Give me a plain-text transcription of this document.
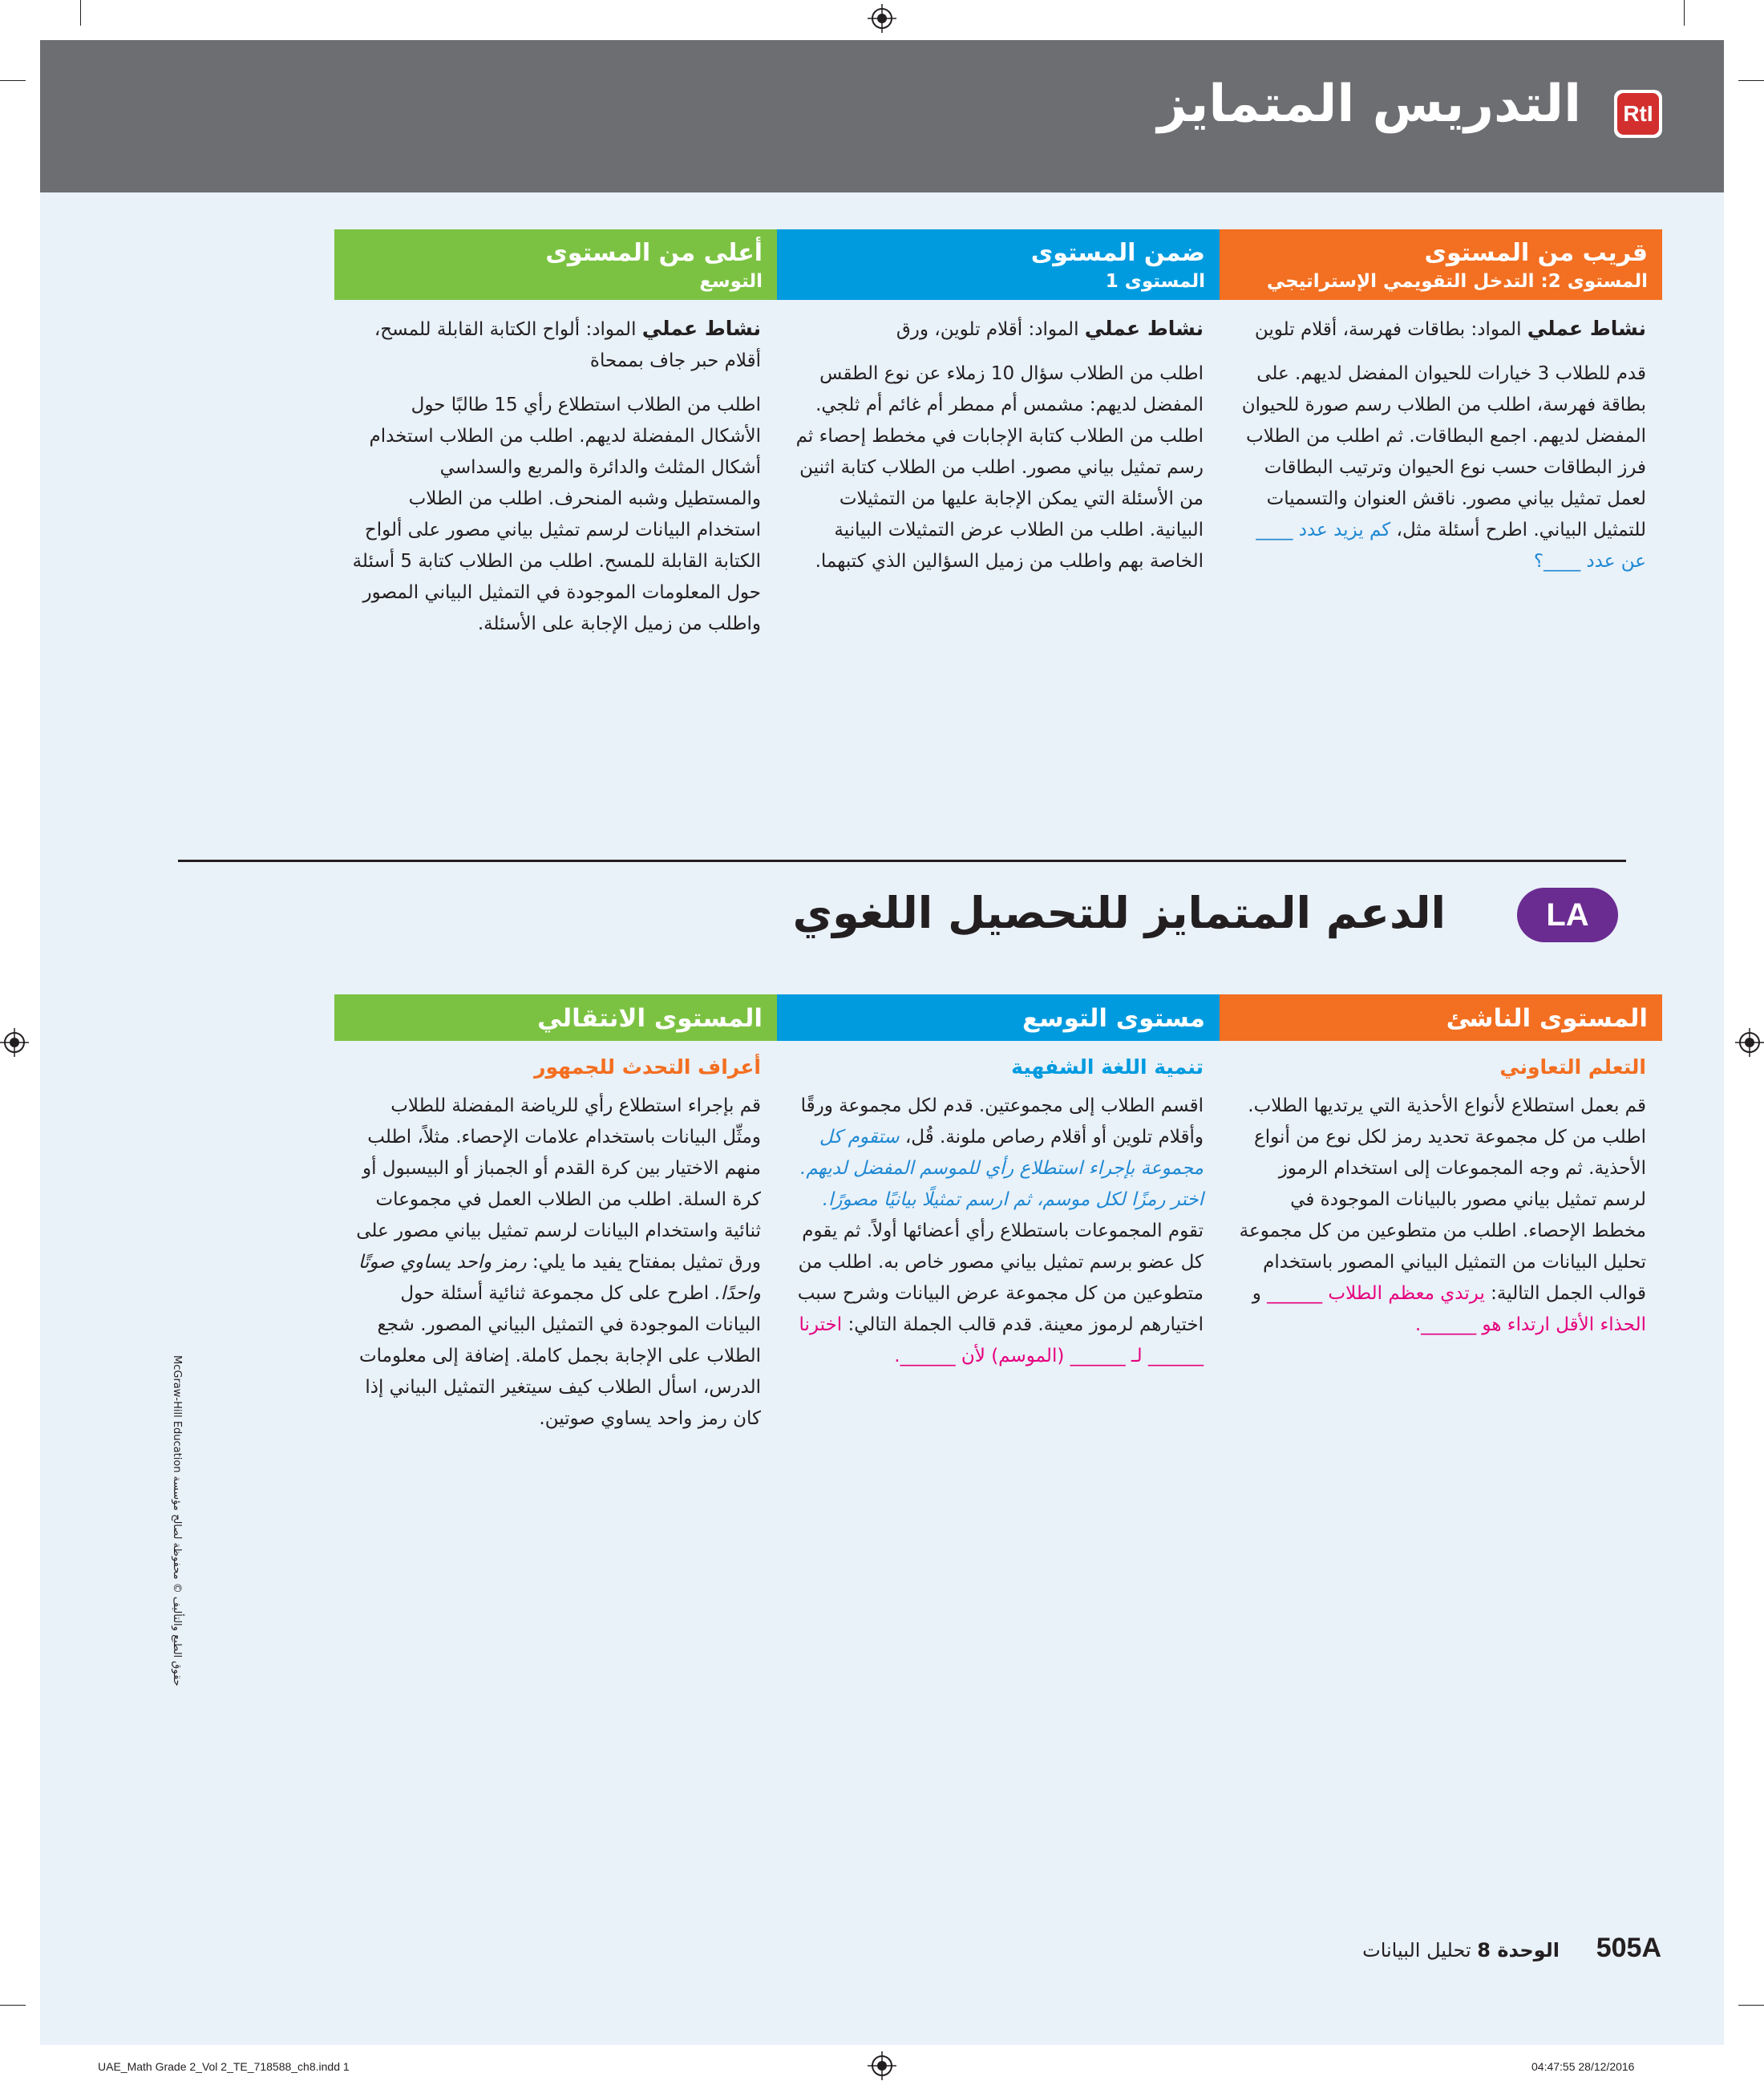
RtI
التدريس المتمايز
قريب من المستوى
المستوى 2: التدخل التقويمي الإستراتيجي

نشاط عملي المواد: بطاقات فهرسة، أقلام تلوين

قدم للطلاب 3 خيارات للحيوان المفضل لديهم. على بطاقة فهرسة، اطلب من الطلاب رسم صورة للحيوان المفضل لديهم. اجمع البطاقات. ثم اطلب من الطلاب فرز البطاقات حسب نوع الحيوان وترتيب البطاقات لعمل تمثيل بياني مصور. ناقش العنوان والتسميات للتمثيل البياني. اطرح أسئلة مثل، كم يزيد عدد ____ عن عدد ____؟

ضمن المستوى
المستوى 1

نشاط عملي المواد: أقلام تلوين، ورق

اطلب من الطلاب سؤال 10 زملاء عن نوع الطقس المفضل لديهم: مشمس أم ممطر أم غائم أم ثلجي. اطلب من الطلاب كتابة الإجابات في مخطط إحصاء ثم رسم تمثيل بياني مصور. اطلب من الطلاب كتابة اثنين من الأسئلة التي يمكن الإجابة عليها من التمثيلات البيانية. اطلب من الطلاب عرض التمثيلات البيانية الخاصة بهم واطلب من زميل السؤالين الذي كتبهما.

أعلى من المستوى
التوسع

نشاط عملي المواد: ألواح الكتابة القابلة للمسح، أقلام حبر جاف بممحاة

اطلب من الطلاب استطلاع رأي 15 طالبًا حول الأشكال المفضلة لديهم. اطلب من الطلاب استخدام أشكال المثلث والدائرة والمربع والسداسي والمستطيل وشبه المنحرف. اطلب من الطلاب استخدام البيانات لرسم تمثيل بياني مصور على ألواح الكتابة القابلة للمسح. اطلب من الطلاب كتابة 5 أسئلة حول المعلومات الموجودة في التمثيل البياني المصور واطلب من زميل الإجابة على الأسئلة.

LA
الدعم المتمايز للتحصيل اللغوي
المستوى الناشئ
التعلم التعاوني

قم بعمل استطلاع لأنواع الأحذية التي يرتديها الطلاب. اطلب من كل مجموعة تحديد رمز لكل نوع من أنواع الأحذية. ثم وجه المجموعات إلى استخدام الرموز لرسم تمثيل بياني مصور بالبيانات الموجودة في مخطط الإحصاء. اطلب من متطوعين من كل مجموعة تحليل البيانات من التمثيل البياني المصور باستخدام قوالب الجمل التالية: يرتدي معظم الطلاب ______ و الحذاء الأقل ارتداء هو ______.

مستوى التوسع
تنمية اللغة الشفهية

اقسم الطلاب إلى مجموعتين. قدم لكل مجموعة ورقًا وأقلام تلوين أو أقلام رصاص ملونة. قُل، ستقوم كل مجموعة بإجراء استطلاع رأي للموسم المفضل لديهم. اختر رمزًا لكل موسم، ثم ارسم تمثيلًا بيانيًا مصورًا. تقوم المجموعات باستطلاع رأي أعضائها أولاً. ثم يقوم كل عضو برسم تمثيل بياني مصور خاص به. اطلب من متطوعين من كل مجموعة عرض البيانات وشرح سبب اختيارهم لرموز معينة. قدم قالب الجملة التالي: اخترنا ______ لـ ______ (الموسم) لأن ______.

المستوى الانتقالي
أعراف التحدث للجمهور

قم بإجراء استطلاع رأي للرياضة المفضلة للطلاب ومثِّل البيانات باستخدام علامات الإحصاء. مثلاً، اطلب منهم الاختيار بين كرة القدم أو الجمباز أو البيسبول أو كرة السلة. اطلب من الطلاب العمل في مجموعات ثنائية واستخدام البيانات لرسم تمثيل بياني مصور على ورق تمثيل بمفتاح يفيد ما يلي: رمز واحد يساوي صوتًا واحدًا. اطرح على كل مجموعة ثنائية أسئلة حول البيانات الموجودة في التمثيل البياني المصور. شجع الطلاب على الإجابة بجمل كاملة. إضافة إلى معلومات الدرس، اسأل الطلاب كيف سيتغير التمثيل البياني إذا كان رمز واحد يساوي صوتين.

حقوق الطبع والتأليف © محفوظة لصالح مؤسسة McGraw-Hill Education
505A      الوحدة 8 تحليل البيانات
UAE_Math Grade 2_Vol 2_TE_718588_ch8.indd 1	28/12/2016 04:47:55
